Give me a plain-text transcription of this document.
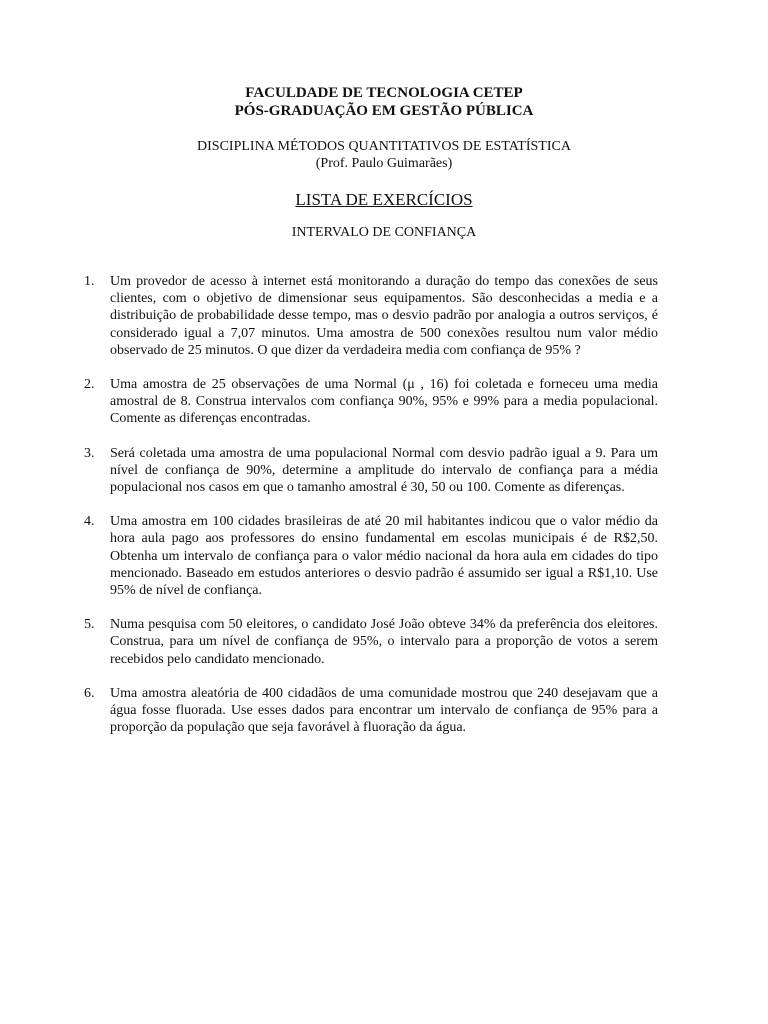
FACULDADE DE TECNOLOGIA CETEP
PÓS-GRADUAÇÃO EM GESTÃO PÚBLICA
DISCIPLINA MÉTODOS QUANTITATIVOS DE ESTATÍSTICA
(Prof. Paulo Guimarães)
LISTA DE EXERCÍCIOS
INTERVALO DE CONFIANÇA
1.	Um provedor de acesso à internet está monitorando a duração do tempo das conexões de seus clientes, com o objetivo de dimensionar seus equipamentos. São desconhecidas a media e a distribuição de probabilidade desse tempo, mas o desvio padrão por analogia a outros serviços, é considerado igual a 7,07 minutos. Uma amostra de 500 conexões resultou num valor médio observado de 25 minutos. O que dizer da verdadeira media com confiança de 95% ?
2.	Uma amostra de 25 observações de uma Normal (μ , 16) foi coletada e forneceu uma media amostral de 8. Construa intervalos com confiança 90%, 95% e 99% para a media populacional. Comente as diferenças encontradas.
3.	Será coletada uma amostra de uma populacional Normal com desvio padrão igual a 9. Para um nível de confiança de 90%, determine a amplitude do intervalo de confiança para a média populacional nos casos em que o tamanho amostral é 30, 50 ou 100. Comente as diferenças.
4.	Uma amostra em 100 cidades brasileiras de até 20 mil habitantes indicou que o valor médio da hora aula pago aos professores do ensino fundamental em escolas municipais é de R$2,50. Obtenha um intervalo de confiança para o valor médio nacional da hora aula em cidades do tipo mencionado. Baseado em estudos anteriores o desvio padrão é assumido ser igual a R$1,10. Use 95% de nível de confiança.
5.	Numa pesquisa com 50 eleitores, o candidato José João obteve 34% da preferência dos eleitores. Construa, para um nível de confiança de 95%, o intervalo para a proporção de votos a serem recebidos pelo candidato mencionado.
6.	Uma amostra aleatória de 400 cidadãos de uma comunidade mostrou que 240 desejavam que a água fosse fluorada. Use esses dados para encontrar um intervalo de confiança de 95% para a proporção da população que seja favorável à fluoração da água.
